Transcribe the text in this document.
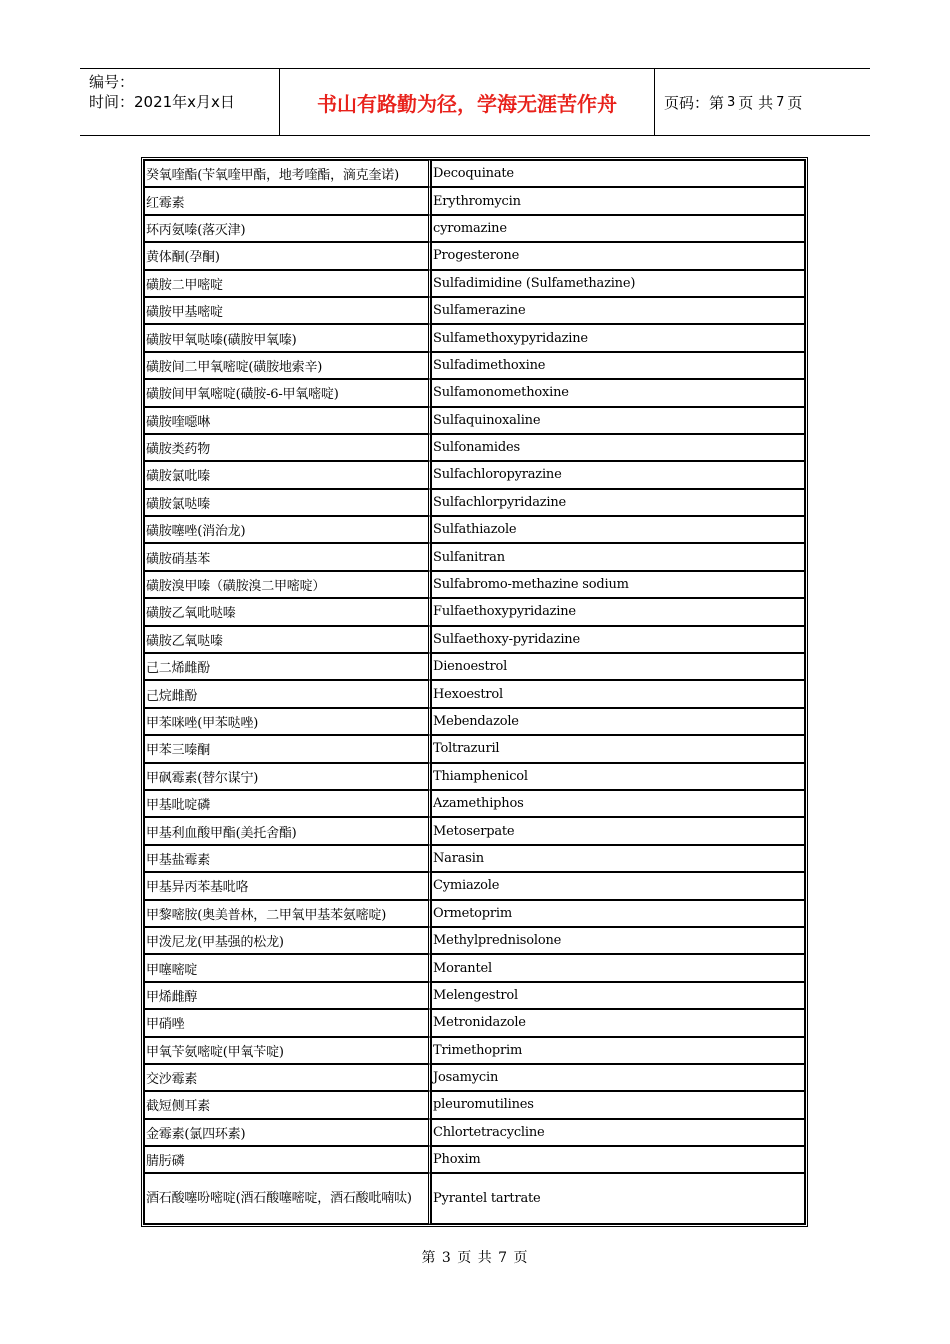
编号：
时间：2021年x月x日	书山有路勤为径，学海无涯苦作舟	页码：第 3 页 共 7 页
癸氧喹酯(苄氧喹甲酯，地考喹酯，滴克奎诺)	Decoquinate
红霉素	Erythromycin
环丙氨嗪(落灭津)	cyromazine
黄体酮(孕酮)	Progesterone
磺胺二甲嘧啶	Sulfadimidine (Sulfamethazine)
磺胺甲基嘧啶	Sulfamerazine
磺胺甲氧哒嗪(磺胺甲氧嗪)	Sulfamethoxypyridazine
磺胺间二甲氧嘧啶(磺胺地索辛)	Sulfadimethoxine
磺胺间甲氧嘧啶(磺胺-6-甲氧嘧啶)	Sulfamonomethoxine
磺胺喹噁啉	Sulfaquinoxaline
磺胺类药物	Sulfonamides
磺胺氯吡嗪	Sulfachloropyrazine
磺胺氯哒嗪	Sulfachlorpyridazine
磺胺噻唑(消治龙)	Sulfathiazole
磺胺硝基苯	Sulfanitran
磺胺溴甲嗪（磺胺溴二甲嘧啶）	Sulfabromo-methazine sodium
磺胺乙氧吡哒嗪	Fulfaethoxypyridazine
磺胺乙氧哒嗪	Sulfaethoxy-pyridazine
己二烯雌酚	Dienoestrol
己烷雌酚	Hexoestrol
甲苯咪唑(甲苯哒唑)	Mebendazole
甲苯三嗪酮	Toltrazuril
甲砜霉素(替尔谋宁)	Thiamphenicol
甲基吡啶磷	Azamethiphos
甲基利血酸甲酯(美托舍酯)	Metoserpate
甲基盐霉素	Narasin
甲基异丙苯基吡咯	Cymiazole
甲黎嘧胺(奥美普林，二甲氧甲基苯氨嘧啶)	Ormetoprim
甲泼尼龙(甲基强的松龙)	Methylprednisolone
甲噻嘧啶	Morantel
甲烯雌醇	Melengestrol
甲硝唑	Metronidazole
甲氧苄氨嘧啶(甲氧苄啶)	Trimethoprim
交沙霉素	Josamycin
截短侧耳素	pleuromutilines
金霉素(氯四环素)	Chlortetracycline
腈肟磷	Phoxim
酒石酸噻吩嘧啶(酒石酸噻嘧啶，酒石酸吡喃呔)	Pyrantel tartrate
第 3 页 共 7 页
